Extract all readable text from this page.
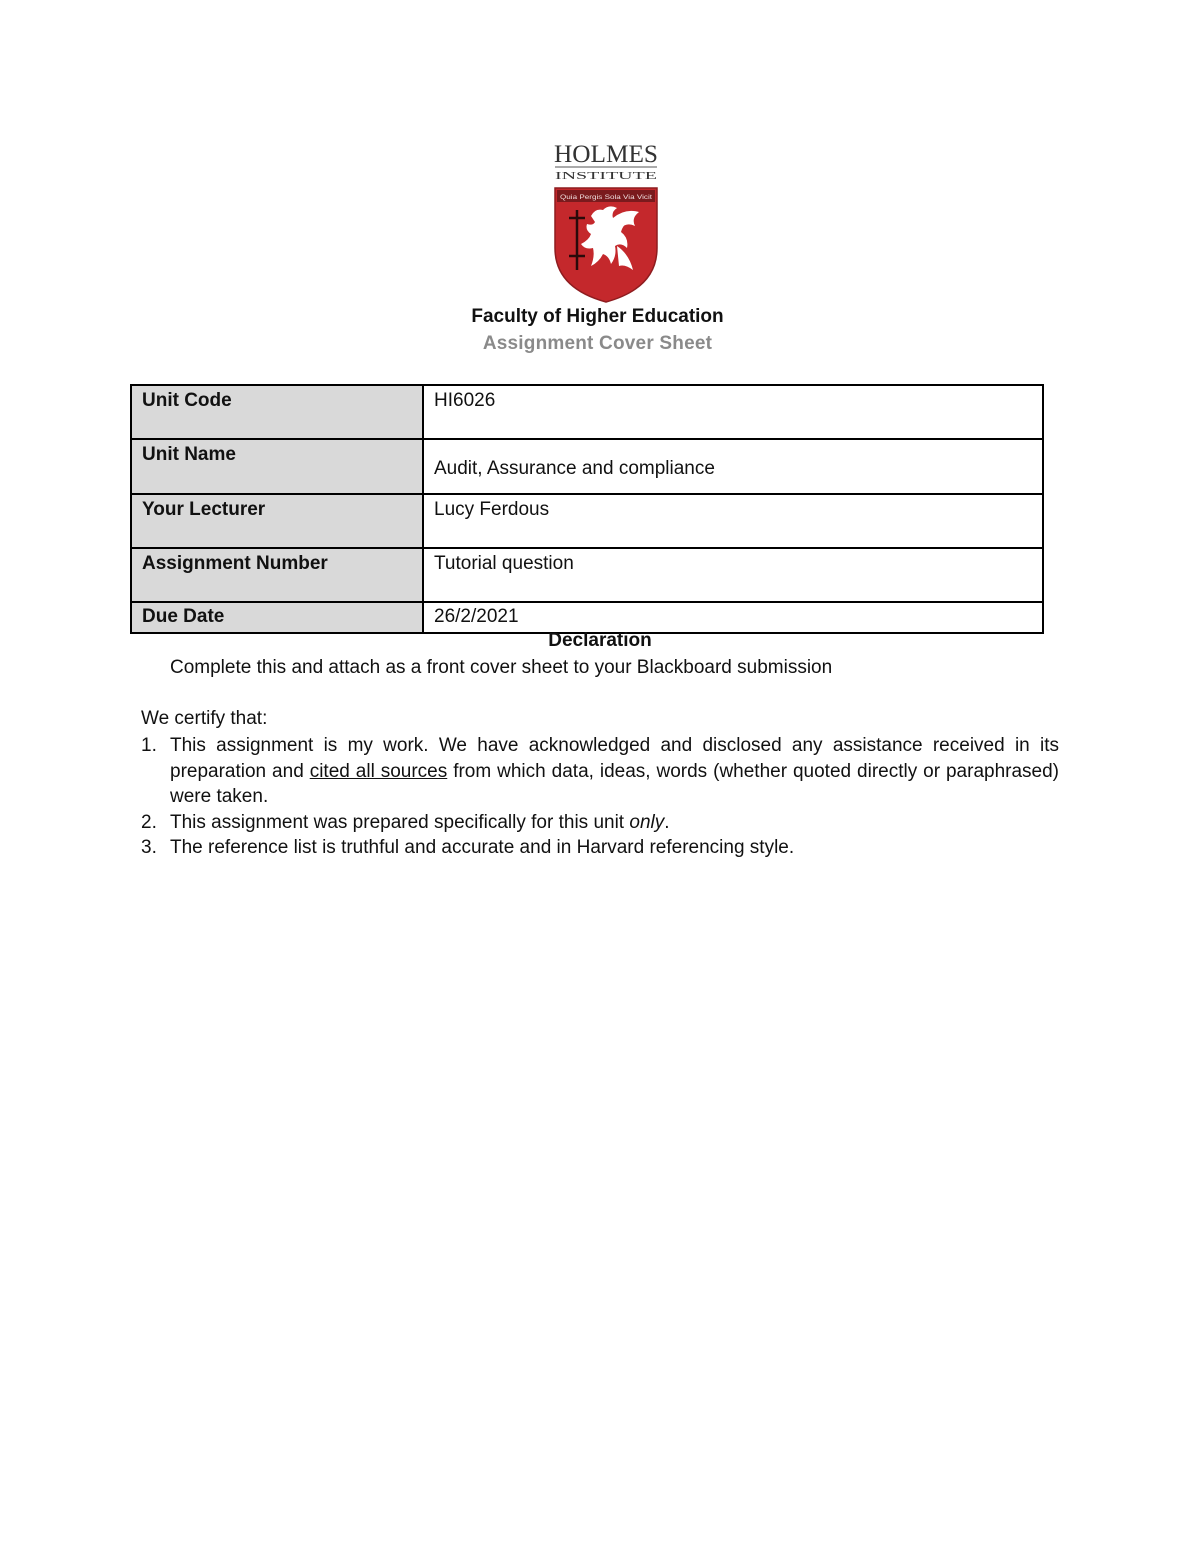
HOLMES
INSTITUTE
Quia Pergis Sola Via Vicit
Faculty of Higher Education
Assignment Cover Sheet
Unit Code	HI6026
Unit Name	Audit, Assurance and compliance

Your Lecturer	Lucy Ferdous
Assignment Number	Tutorial question
Due Date	26/2/2021
Declaration
Complete this and attach as a front cover sheet to your Blackboard submission
We certify that:
1. This assignment is my work. We have acknowledged and disclosed any assistance received in its preparation and cited all sources from which data, ideas, words (whether quoted directly or paraphrased) were taken.
2. This assignment was prepared specifically for this unit only.
3. The reference list is truthful and accurate and in Harvard referencing style.
